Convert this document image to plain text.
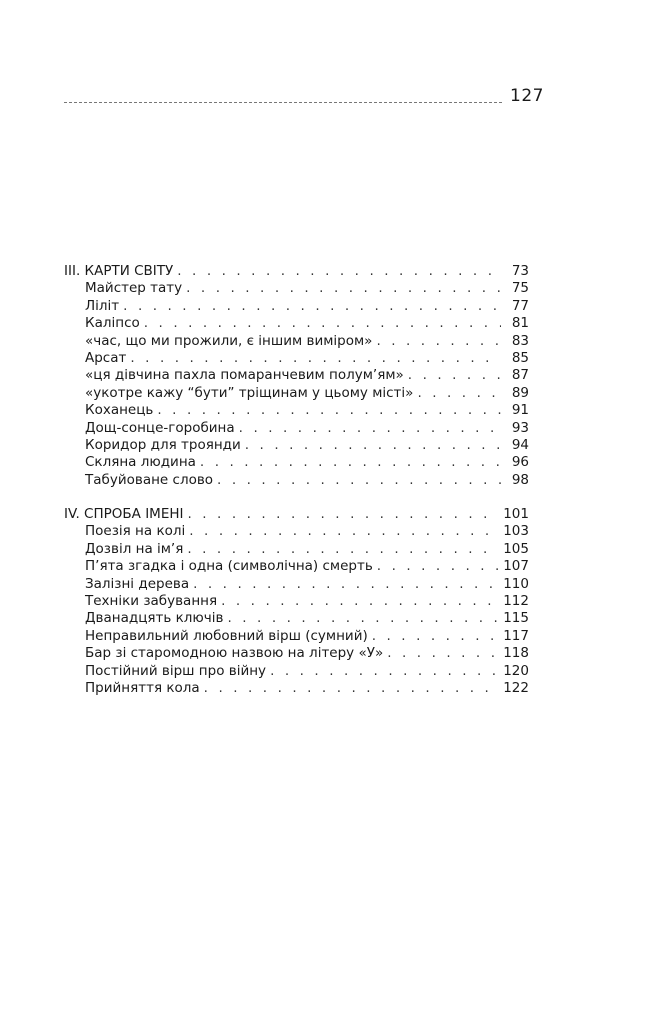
127
III. КАРТИ СВІТУ . . .	73
Майстер тату . . .	75
Ліліт . . .	77
Каліпсо . . .	81
«час, що ми прожили, є іншим виміром» . . .	83
Арсат . . .	85
«ця дівчина пахла помаранчевим полум’ям» . . .	87
«укотре кажу “бути” тріщинам у цьому місті» . . .	89
Коханець . . .	91
Дощ-сонце-горобина . . .	93
Коридор для троянди . . .	94
Скляна людина . . .	96
Табуйоване слово . . .	98
IV. СПРОБА ІМЕНІ . . .	101
Поезія на колі . . .	103
Дозвіл на ім’я . . .	105
П’ята згадка і одна (символічна) смерть . . .	107
Залізні дерева . . .	110
Техніки забування . . .	112
Дванадцять ключів . . .	115
Неправильний любовний вірш (сумний) . . .	117
Бар зі старомодною назвою на літеру «У» . . .	118
Постійний вірш про війну . . .	120
Прийняття кола . . .	122
